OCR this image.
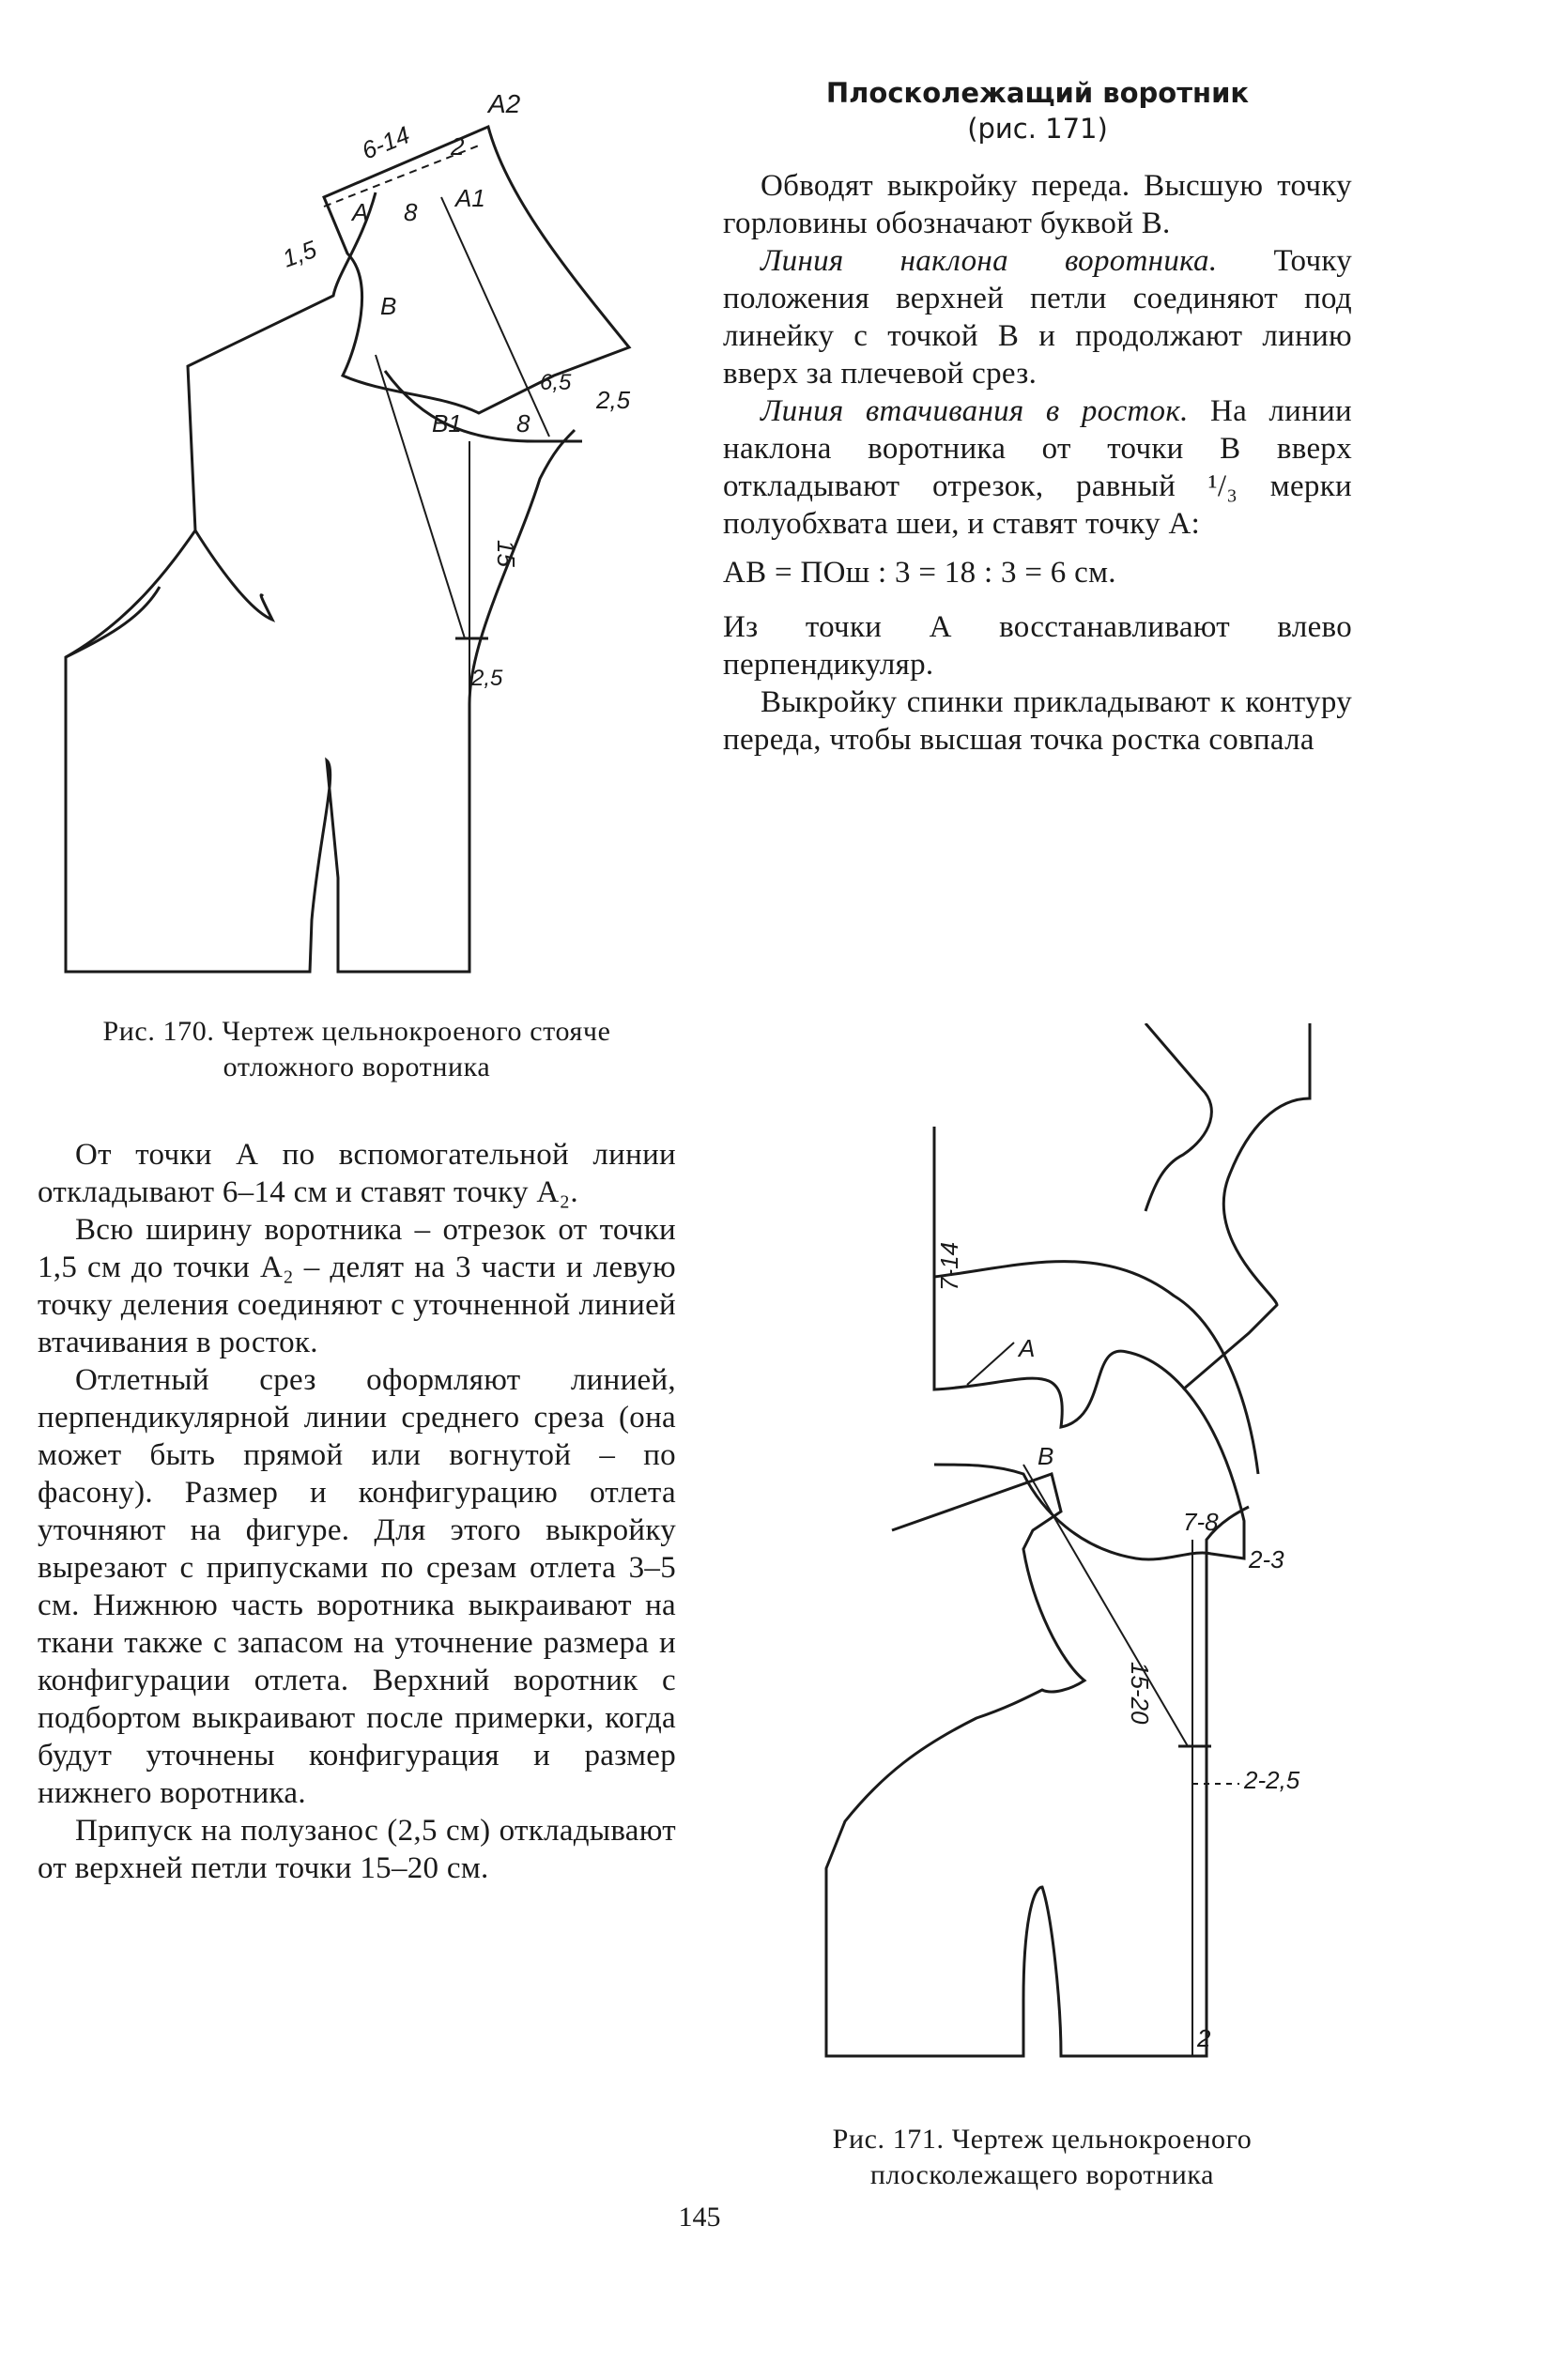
А2
6-14 2
А 8 А1
1,5
В
6,5
2,5
В1 8
15
2,5
Рис. 170. Чертеж цельнокроеного стояче отложного воротника
Плосколежащий воротник
(рис. 171)

Обводят выкройку переда. Высшую точку горловины обозначают буквой В.

Линия наклона воротника. Точку положения верхней петли соединяют под линейку с точкой В и продолжают линию вверх за плечевой срез.

Линия втачивания в росток. На линии наклона воротника от точки В вверх откладывают отрезок, равный ¹/₃ мерки полуобхвата шеи, и ставят точку А:

АВ = ПОш : 3 = 18 : 3 = 6 см.

Из точки А восстанавливают влево перпендикуляр.

Выкройку спинки прикладывают к контуру переда, чтобы высшая точка ростка совпала

От точки А по вспомогательной линии откладывают 6–14 см и ставят точку А₂.

Всю ширину воротника – отрезок от точки 1,5 см до точки А₂ – делят на 3 части и левую точку деления соединяют с уточненной линией втачивания в росток.

Отлетный срез оформляют линией, перпендикулярной линии среднего среза (она может быть прямой или вогнутой – по фасону). Размер и конфигурацию отлета уточняют на фигуре. Для этого выкройку вырезают с припусками по срезам отлета 3–5 см. Нижнюю часть воротника выкраивают на ткани также с запасом на уточнение размера и конфигурации отлета. Верхний воротник с подбортом выкраивают после примерки, когда будут уточнены конфигурация и размер нижнего воротника.

Припуск на полузанос (2,5 см) откладывают от верхней петли точки 15–20 см.

7-14
А
В
7-8
2-3
15-20
2-2,5
2
Рис. 171. Чертеж цельнокроеного плосколежащего воротника
145
